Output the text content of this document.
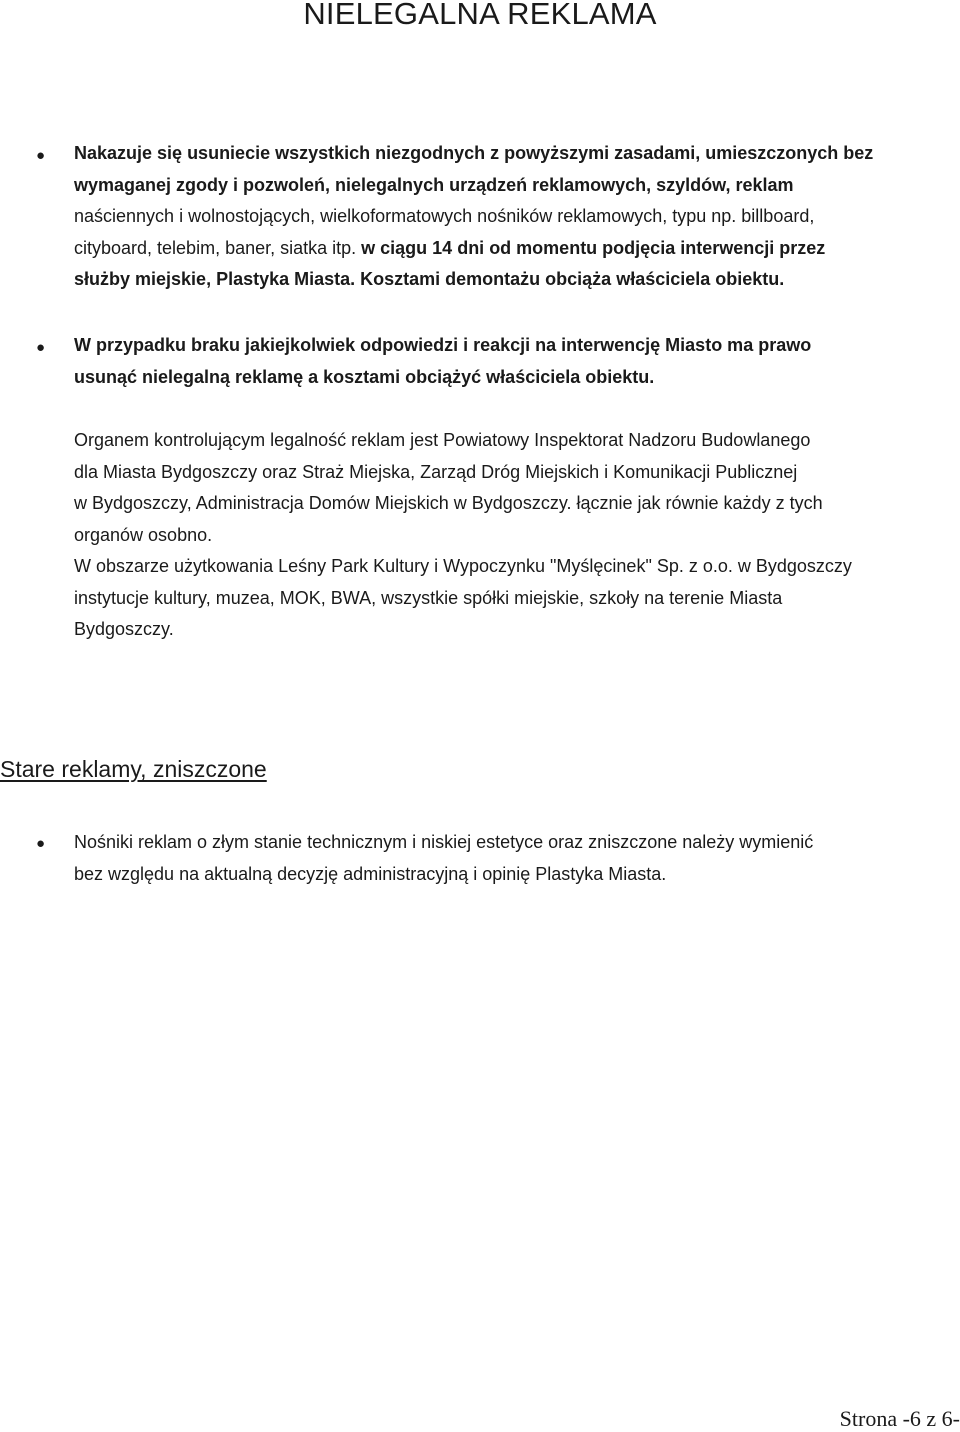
NIELEGALNA REKLAMA
● Nakazuje się usuniecie wszystkich niezgodnych z powyższymi zasadami, umieszczonych bez
wymaganej zgody i pozwoleń, nielegalnych urządzeń reklamowych, szyldów, reklam
naściennych i wolnostojących, wielkoformatowych nośników reklamowych, typu np. billboard,
cityboard, telebim, baner, siatka itp. w ciągu 14 dni od momentu podjęcia interwencji przez
służby miejskie, Plastyka Miasta. Kosztami demontażu obciąża właściciela obiektu.
● W przypadku braku jakiejkolwiek odpowiedzi i reakcji na interwencję Miasto ma prawo
usunąć nielegalną reklamę a kosztami obciążyć właściciela obiektu.
Organem kontrolującym legalność reklam jest Powiatowy Inspektorat Nadzoru Budowlanego
dla Miasta Bydgoszczy oraz Straż Miejska, Zarząd Dróg Miejskich i Komunikacji Publicznej
w Bydgoszczy, Administracja Domów Miejskich w Bydgoszczy. łącznie jak równie każdy z tych
organów osobno.
W obszarze użytkowania Leśny Park Kultury i Wypoczynku "Myślęcinek" Sp. z o.o. w Bydgoszczy
instytucje kultury, muzea, MOK, BWA, wszystkie spółki miejskie, szkoły na terenie Miasta
Bydgoszczy.
Stare reklamy, zniszczone
● Nośniki reklam o złym stanie technicznym i niskiej estetyce oraz zniszczone należy wymienić
bez względu na aktualną decyzję administracyjną i opinię Plastyka Miasta.
Strona -6 z 6-
